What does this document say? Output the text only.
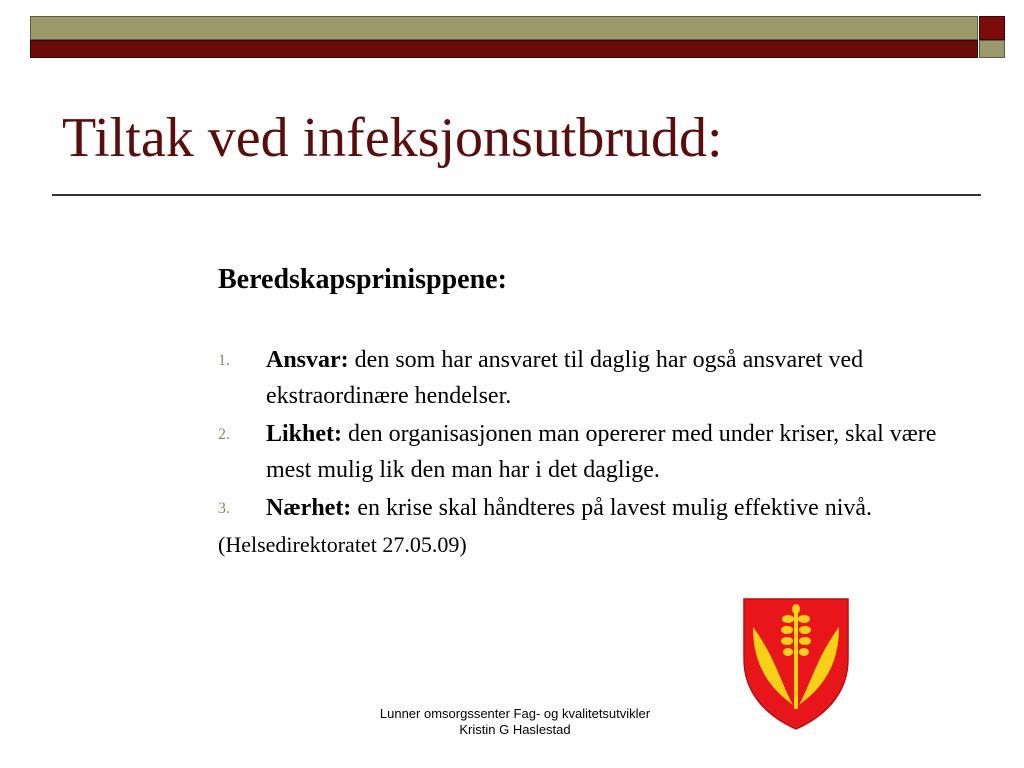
Tiltak ved infeksjonsutbrudd:
Beredskapsprinisppene:
1. Ansvar: den som har ansvaret til daglig har også ansvaret ved ekstraordinære hendelser.
2. Likhet: den organisasjonen man opererer med under kriser, skal være mest mulig lik den man har i det daglige.
3. Nærhet: en krise skal håndteres på lavest mulig effektive nivå.
(Helsedirektoratet 27.05.09)
Lunner omsorgssenter Fag- og kvalitetsutvikler
Kristin G Haslestad
